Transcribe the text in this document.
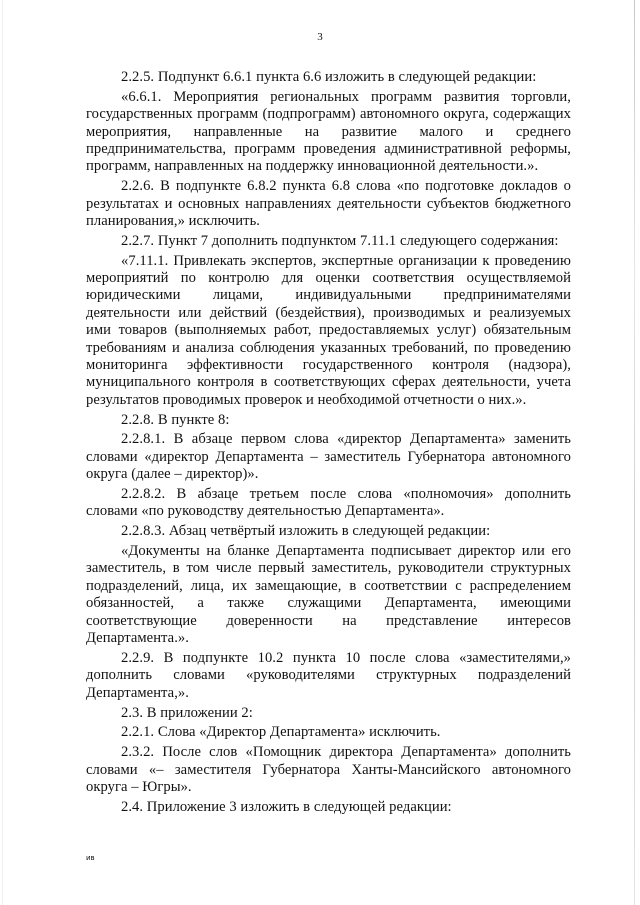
3

2.2.5. Подпункт 6.6.1 пункта 6.6 изложить в следующей редакции:

«6.6.1. Мероприятия региональных программ развития торговли, государственных программ (подпрограмм) автономного округа, содержащих мероприятия, направленные на развитие малого и среднего предпринимательства, программ проведения административной реформы, программ, направленных на поддержку инновационной деятельности.».

2.2.6. В подпункте 6.8.2 пункта 6.8 слова «по подготовке докладов о результатах и основных направлениях деятельности субъектов бюджетного планирования,» исключить.

2.2.7. Пункт 7 дополнить подпунктом 7.11.1 следующего содержания:

«7.11.1. Привлекать экспертов, экспертные организации к проведению мероприятий по контролю для оценки соответствия осуществляемой юридическими лицами, индивидуальными предпринимателями деятельности или действий (бездействия), производимых и реализуемых ими товаров (выполняемых работ, предоставляемых услуг) обязательным требованиям и анализа соблюдения указанных требований, по проведению мониторинга эффективности государственного контроля (надзора), муниципального контроля в соответствующих сферах деятельности, учета результатов проводимых проверок и необходимой отчетности о них.».

2.2.8. В пункте 8:

2.2.8.1. В абзаце первом слова «директор Департамента» заменить словами «директор Департамента – заместитель Губернатора автономного округа (далее – директор)».

2.2.8.2. В абзаце третьем после слова «полномочия» дополнить словами «по руководству деятельностью Департамента».

2.2.8.3. Абзац четвёртый изложить в следующей редакции:

«Документы на бланке Департамента подписывает директор или его заместитель, в том числе первый заместитель, руководители структурных подразделений, лица, их замещающие, в соответствии с распределением обязанностей, а также служащими Департамента, имеющими соответствующие доверенности на представление интересов Департамента.».

2.2.9. В подпункте 10.2 пункта 10 после слова «заместителями,» дополнить словами «руководителями структурных подразделений Департамента,».

2.3. В приложении 2:

2.2.1. Слова «Директор Департамента» исключить.

2.3.2. После слов «Помощник директора Департамента» дополнить словами «– заместителя Губернатора Ханты-Мансийского автономного округа – Югры».

2.4. Приложение 3 изложить в следующей редакции:

ив
